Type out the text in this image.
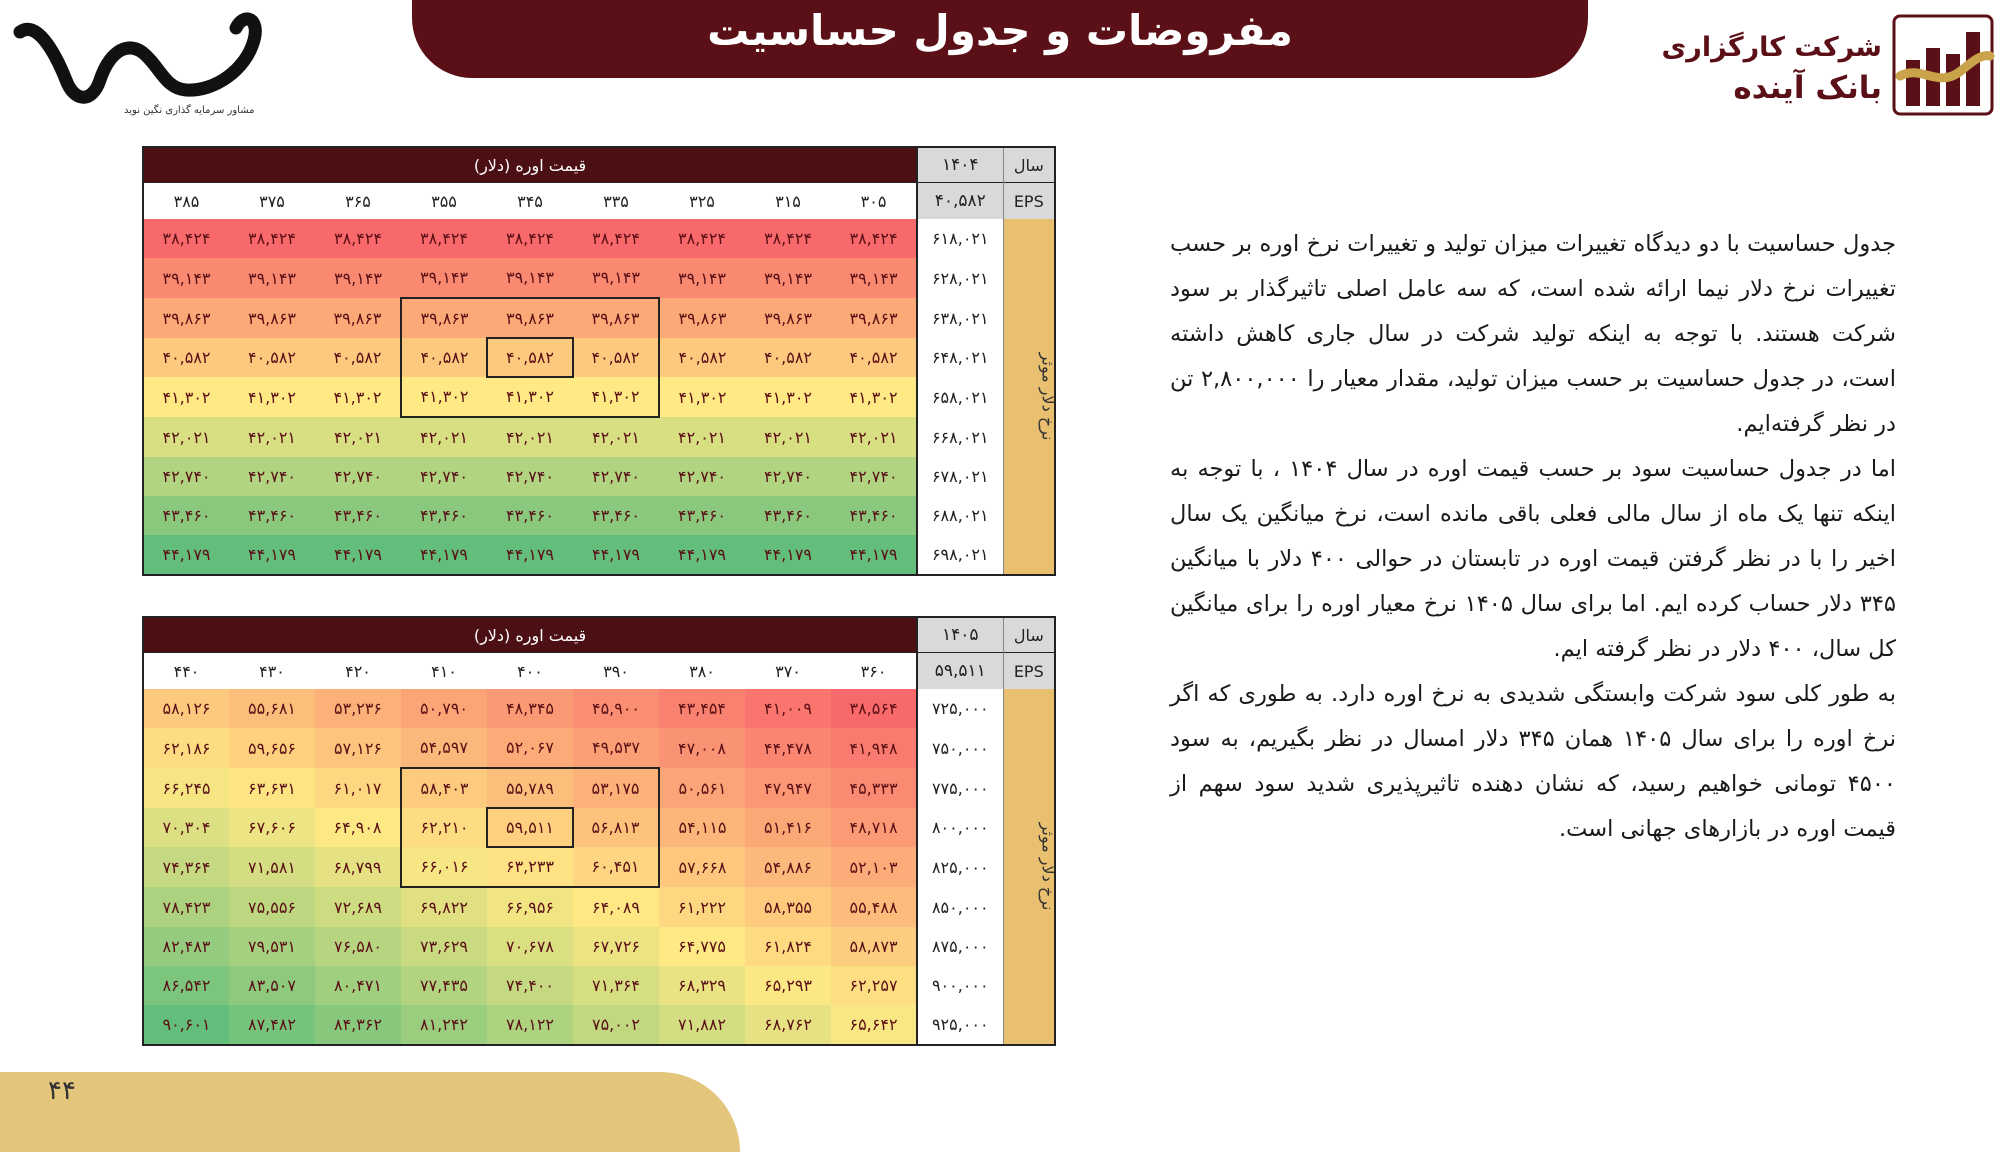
مفروضات و جدول حساسیت
مشاور سرمایه گذاری نگین نوید
شرکت کارگزاری
بانک آینده
قیمت اوره (دلار)									۱۴۰۴	سال
۳۸۵	۳۷۵	۳۶۵	۳۵۵	۳۴۵	۳۳۵	۳۲۵	۳۱۵	۳۰۵	۴۰,۵۸۲	EPS
۳۸,۴۲۴	۳۸,۴۲۴	۳۸,۴۲۴	۳۸,۴۲۴	۳۸,۴۲۴	۳۸,۴۲۴	۳۸,۴۲۴	۳۸,۴۲۴	۳۸,۴۲۴	۶۱۸,۰۲۱	نرخ دلار موثر
۳۹,۱۴۳	۳۹,۱۴۳	۳۹,۱۴۳	۳۹,۱۴۳	۳۹,۱۴۳	۳۹,۱۴۳	۳۹,۱۴۳	۳۹,۱۴۳	۳۹,۱۴۳	۶۲۸,۰۲۱	
۳۹,۸۶۳	۳۹,۸۶۳	۳۹,۸۶۳	۳۹,۸۶۳	۳۹,۸۶۳	۳۹,۸۶۳	۳۹,۸۶۳	۳۹,۸۶۳	۳۹,۸۶۳	۶۳۸,۰۲۱	
۴۰,۵۸۲	۴۰,۵۸۲	۴۰,۵۸۲	۴۰,۵۸۲	۴۰,۵۸۲	۴۰,۵۸۲	۴۰,۵۸۲	۴۰,۵۸۲	۴۰,۵۸۲	۶۴۸,۰۲۱	
۴۱,۳۰۲	۴۱,۳۰۲	۴۱,۳۰۲	۴۱,۳۰۲	۴۱,۳۰۲	۴۱,۳۰۲	۴۱,۳۰۲	۴۱,۳۰۲	۴۱,۳۰۲	۶۵۸,۰۲۱	
۴۲,۰۲۱	۴۲,۰۲۱	۴۲,۰۲۱	۴۲,۰۲۱	۴۲,۰۲۱	۴۲,۰۲۱	۴۲,۰۲۱	۴۲,۰۲۱	۴۲,۰۲۱	۶۶۸,۰۲۱	
۴۲,۷۴۰	۴۲,۷۴۰	۴۲,۷۴۰	۴۲,۷۴۰	۴۲,۷۴۰	۴۲,۷۴۰	۴۲,۷۴۰	۴۲,۷۴۰	۴۲,۷۴۰	۶۷۸,۰۲۱	
۴۳,۴۶۰	۴۳,۴۶۰	۴۳,۴۶۰	۴۳,۴۶۰	۴۳,۴۶۰	۴۳,۴۶۰	۴۳,۴۶۰	۴۳,۴۶۰	۴۳,۴۶۰	۶۸۸,۰۲۱	
۴۴,۱۷۹	۴۴,۱۷۹	۴۴,۱۷۹	۴۴,۱۷۹	۴۴,۱۷۹	۴۴,۱۷۹	۴۴,۱۷۹	۴۴,۱۷۹	۴۴,۱۷۹	۶۹۸,۰۲۱	
قیمت اوره (دلار)									۱۴۰۵	سال
۴۴۰	۴۳۰	۴۲۰	۴۱۰	۴۰۰	۳۹۰	۳۸۰	۳۷۰	۳۶۰	۵۹,۵۱۱	EPS
۵۸,۱۲۶	۵۵,۶۸۱	۵۳,۲۳۶	۵۰,۷۹۰	۴۸,۳۴۵	۴۵,۹۰۰	۴۳,۴۵۴	۴۱,۰۰۹	۳۸,۵۶۴	۷۲۵,۰۰۰	نرخ دلار موثر
۶۲,۱۸۶	۵۹,۶۵۶	۵۷,۱۲۶	۵۴,۵۹۷	۵۲,۰۶۷	۴۹,۵۳۷	۴۷,۰۰۸	۴۴,۴۷۸	۴۱,۹۴۸	۷۵۰,۰۰۰	
۶۶,۲۴۵	۶۳,۶۳۱	۶۱,۰۱۷	۵۸,۴۰۳	۵۵,۷۸۹	۵۳,۱۷۵	۵۰,۵۶۱	۴۷,۹۴۷	۴۵,۳۳۳	۷۷۵,۰۰۰	
۷۰,۳۰۴	۶۷,۶۰۶	۶۴,۹۰۸	۶۲,۲۱۰	۵۹,۵۱۱	۵۶,۸۱۳	۵۴,۱۱۵	۵۱,۴۱۶	۴۸,۷۱۸	۸۰۰,۰۰۰	
۷۴,۳۶۴	۷۱,۵۸۱	۶۸,۷۹۹	۶۶,۰۱۶	۶۳,۲۳۳	۶۰,۴۵۱	۵۷,۶۶۸	۵۴,۸۸۶	۵۲,۱۰۳	۸۲۵,۰۰۰	
۷۸,۴۲۳	۷۵,۵۵۶	۷۲,۶۸۹	۶۹,۸۲۲	۶۶,۹۵۶	۶۴,۰۸۹	۶۱,۲۲۲	۵۸,۳۵۵	۵۵,۴۸۸	۸۵۰,۰۰۰	
۸۲,۴۸۳	۷۹,۵۳۱	۷۶,۵۸۰	۷۳,۶۲۹	۷۰,۶۷۸	۶۷,۷۲۶	۶۴,۷۷۵	۶۱,۸۲۴	۵۸,۸۷۳	۸۷۵,۰۰۰	
۸۶,۵۴۲	۸۳,۵۰۷	۸۰,۴۷۱	۷۷,۴۳۵	۷۴,۴۰۰	۷۱,۳۶۴	۶۸,۳۲۹	۶۵,۲۹۳	۶۲,۲۵۷	۹۰۰,۰۰۰	
۹۰,۶۰۱	۸۷,۴۸۲	۸۴,۳۶۲	۸۱,۲۴۲	۷۸,۱۲۲	۷۵,۰۰۲	۷۱,۸۸۲	۶۸,۷۶۲	۶۵,۶۴۲	۹۲۵,۰۰۰	

جدول حساسیت با دو دیدگاه تغییرات میزان تولید و تغییرات نرخ اوره بر حسب تغییرات نرخ دلار نیما ارائه شده است، که سه عامل اصلی تاثیرگذار بر سود شرکت هستند. با توجه به اینکه تولید شرکت در سال جاری کاهش داشته است، در جدول حساسیت بر حسب میزان تولید، مقدار معیار را ۲,۸۰۰,۰۰۰ تن در نظر گرفته‌ایم.

اما در جدول حساسیت سود بر حسب قیمت اوره در سال ۱۴۰۴ ، با توجه به اینکه تنها یک ماه از سال مالی فعلی باقی مانده است، نرخ میانگین یک سال اخیر را با در نظر گرفتن قیمت اوره در تابستان در حوالی ۴۰۰ دلار با میانگین ۳۴۵ دلار حساب کرده ایم. اما برای سال ۱۴۰۵ نرخ معیار اوره را برای میانگین کل سال، ۴۰۰ دلار در نظر گرفته ایم.

به طور کلی سود شرکت وابستگی شدیدی به نرخ اوره دارد. به طوری که اگر نرخ اوره را برای سال ۱۴۰۵ همان ۳۴۵ دلار امسال در نظر بگیریم، به سود ۴۵۰۰ تومانی خواهیم رسید، که نشان دهنده تاثیرپذیری شدید سود سهم از قیمت اوره در بازارهای جهانی است.

۴۴
